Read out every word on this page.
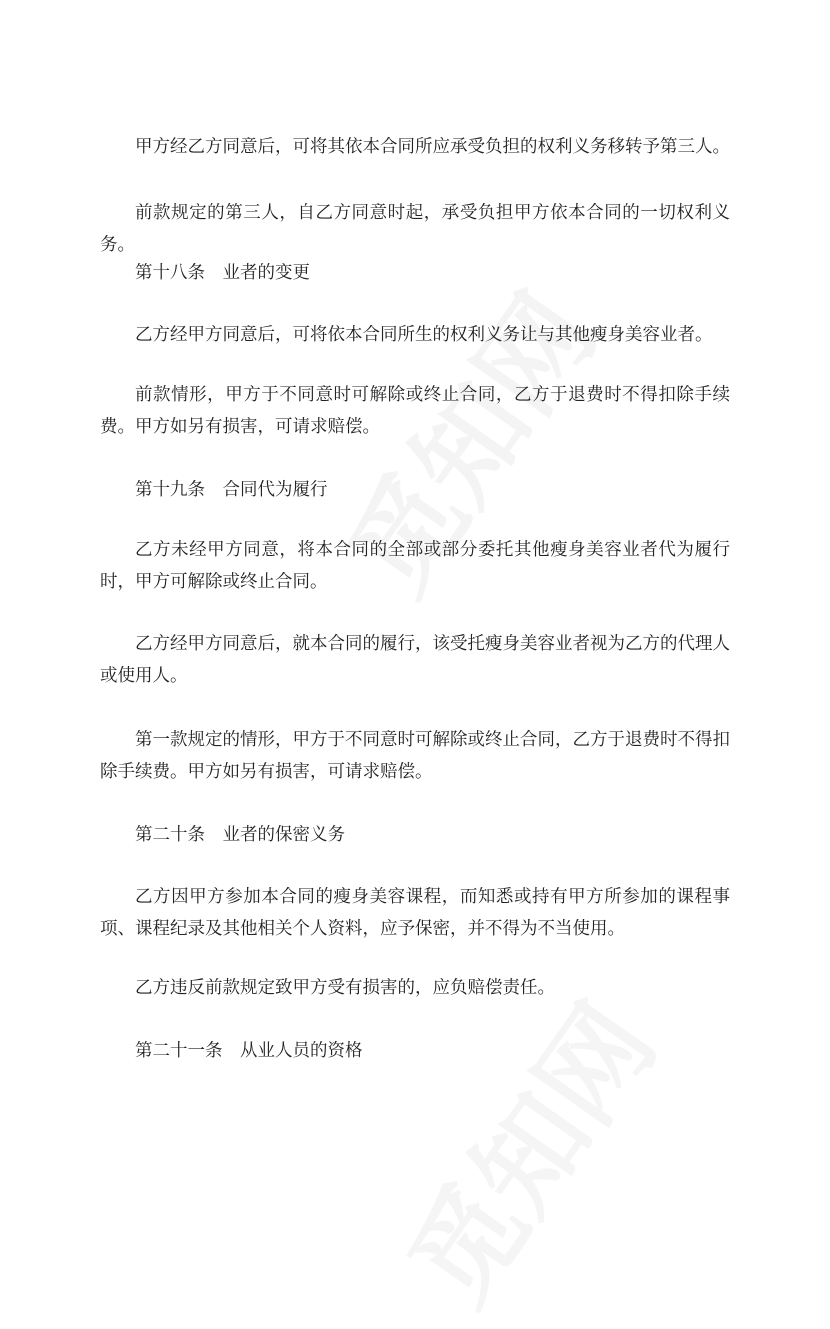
甲方经乙方同意后，可将其依本合同所应承受负担的权利义务移转予第三人。

前款规定的第三人，自乙方同意时起，承受负担甲方依本合同的一切权利义务。

第十八条　业者的变更

乙方经甲方同意后，可将依本合同所生的权利义务让与其他瘦身美容业者。

前款情形，甲方于不同意时可解除或终止合同，乙方于退费时不得扣除手续费。甲方如另有损害，可请求赔偿。

第十九条　合同代为履行

乙方未经甲方同意，将本合同的全部或部分委托其他瘦身美容业者代为履行时，甲方可解除或终止合同。

乙方经甲方同意后，就本合同的履行，该受托瘦身美容业者视为乙方的代理人或使用人。

第一款规定的情形，甲方于不同意时可解除或终止合同，乙方于退费时不得扣除手续费。甲方如另有损害，可请求赔偿。

第二十条　业者的保密义务

乙方因甲方参加本合同的瘦身美容课程，而知悉或持有甲方所参加的课程事项、课程纪录及其他相关个人资料，应予保密，并不得为不当使用。

乙方违反前款规定致甲方受有损害的，应负赔偿责任。

第二十一条　从业人员的资格
